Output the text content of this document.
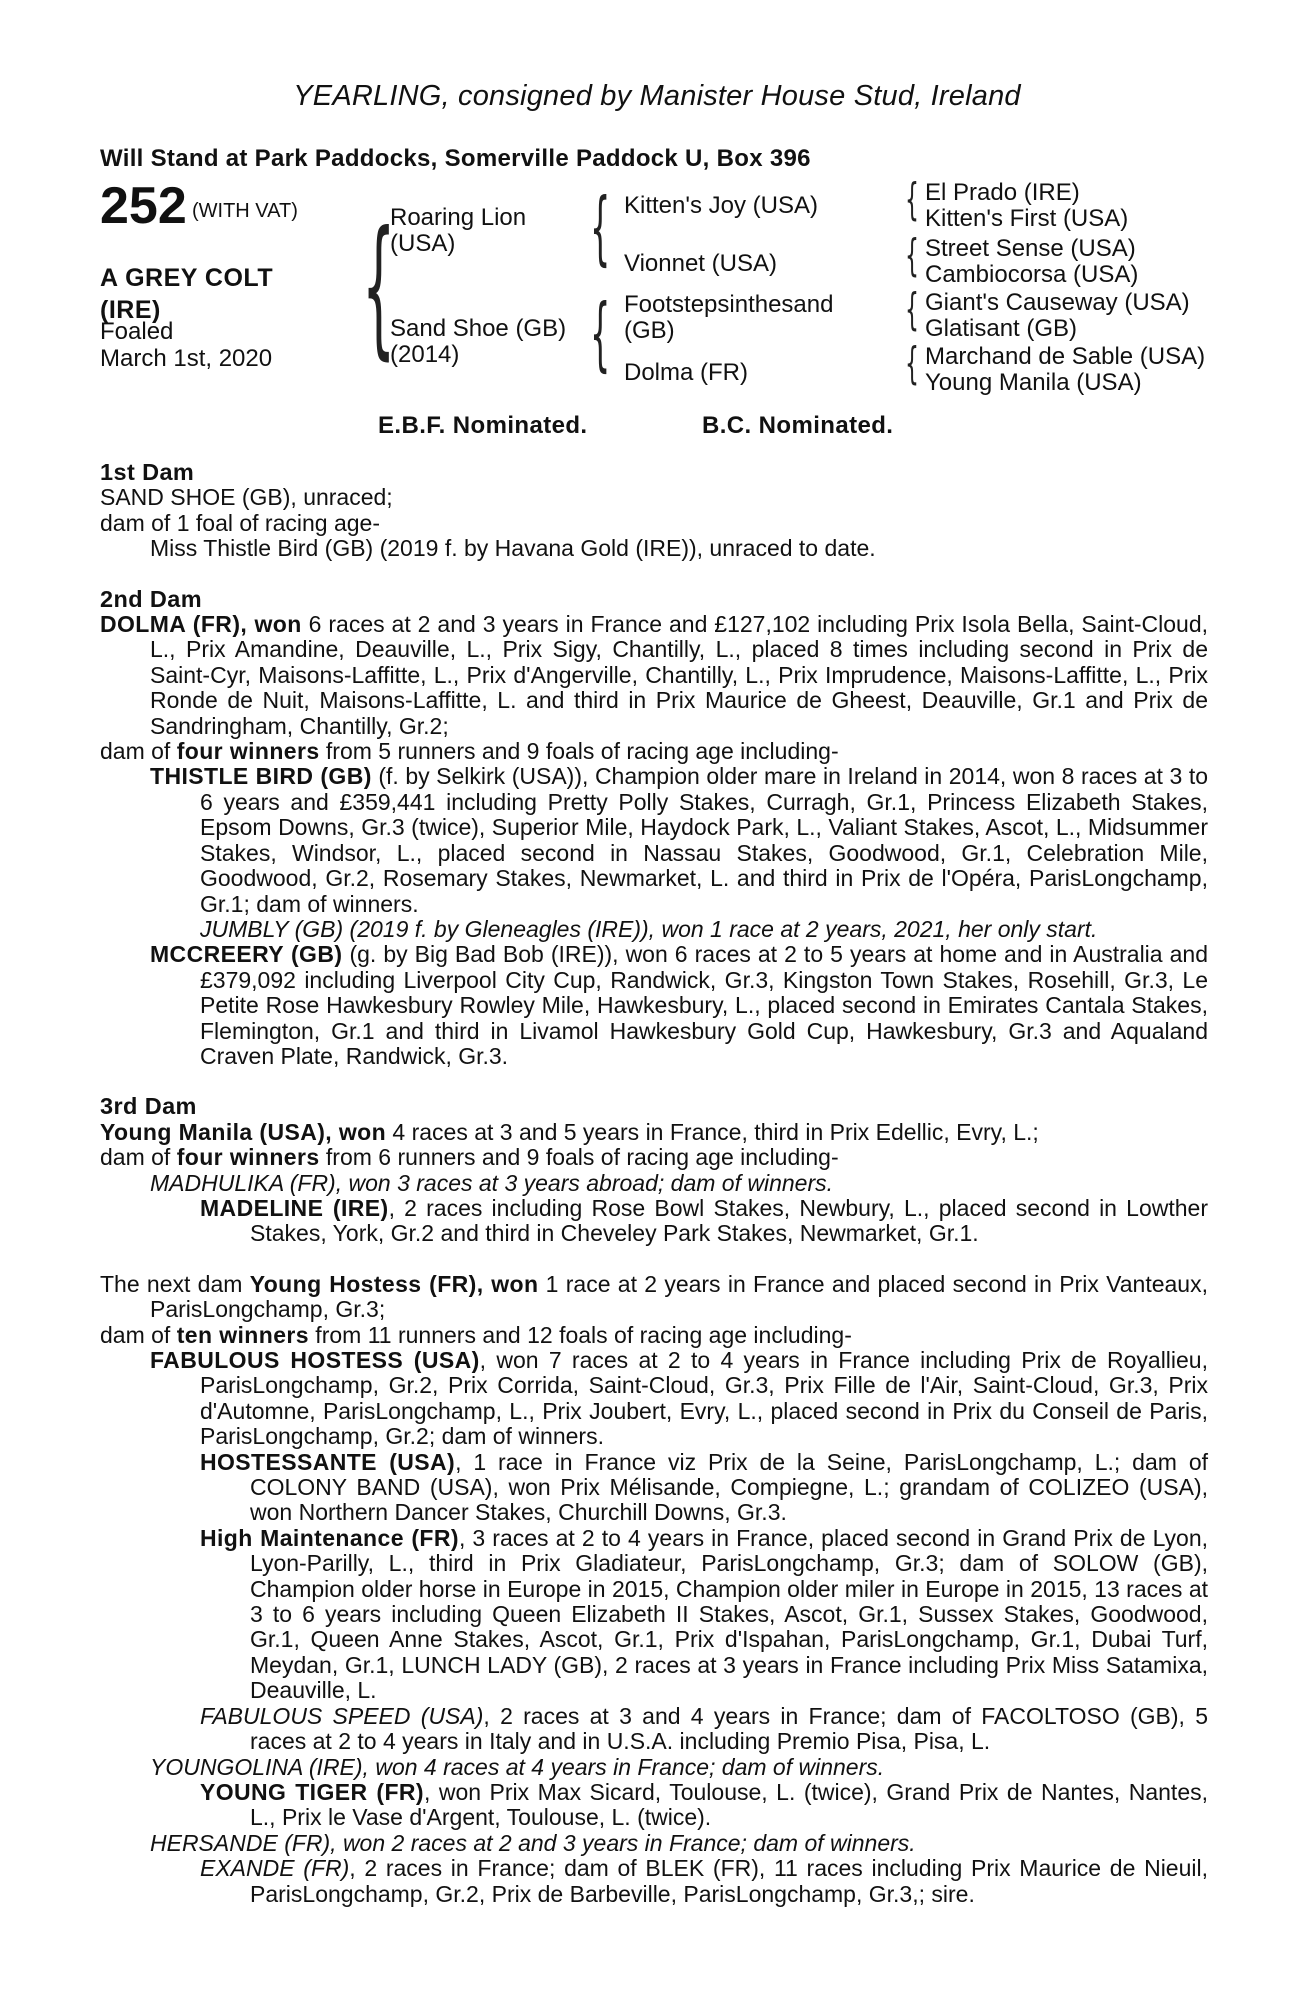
YEARLING, consigned by Manister House Stud, Ireland
Will Stand at Park Paddocks, Somerville Paddock U, Box 396
252 (WITH VAT)
A GREY COLT (IRE)
Foaled
March 1st, 2020 {
Roaring Lion
(USA)
Sand Shoe (GB)
(2014)
{ Kitten's Joy (USA)
Vionnet (USA)
{ Footstepsinthesand
(GB)
Dolma (FR)
{ El Prado (IRE)
Kitten's First (USA)
{ Street Sense (USA)
Cambiocorsa (USA)
{ Giant's Causeway (USA)
Glatisant (GB)
{ Marchand de Sable (USA)
Young Manila (USA)
E.B.F. Nominated.	B.C. Nominated.

1st Dam

SAND SHOE (GB), unraced;

dam of 1 foal of racing age-

Miss Thistle Bird (GB) (2019 f. by Havana Gold (IRE)), unraced to date.

2nd Dam

DOLMA (FR), won 6 races at 2 and 3 years in France and £127,102 including Prix Isola Bella, Saint-Cloud, L., Prix Amandine, Deauville, L., Prix Sigy, Chantilly, L., placed 8 times including second in Prix de Saint-Cyr, Maisons-Laffitte, L., Prix d'Angerville, Chantilly, L., Prix Imprudence, Maisons-Laffitte, L., Prix Ronde de Nuit, Maisons-Laffitte, L. and third in Prix Maurice de Gheest, Deauville, Gr.1 and Prix de Sandringham, Chantilly, Gr.2;

dam of four winners from 5 runners and 9 foals of racing age including-

THISTLE BIRD (GB) (f. by Selkirk (USA)), Champion older mare in Ireland in 2014, won 8 races at 3 to 6 years and £359,441 including Pretty Polly Stakes, Curragh, Gr.1, Princess Elizabeth Stakes, Epsom Downs, Gr.3 (twice), Superior Mile, Haydock Park, L., Valiant Stakes, Ascot, L., Midsummer Stakes, Windsor, L., placed second in Nassau Stakes, Goodwood, Gr.1, Celebration Mile, Goodwood, Gr.2, Rosemary Stakes, Newmarket, L. and third in Prix de l'Opéra, ParisLongchamp, Gr.1; dam of winners.

JUMBLY (GB) (2019 f. by Gleneagles (IRE)), won 1 race at 2 years, 2021, her only start.

MCCREERY (GB) (g. by Big Bad Bob (IRE)), won 6 races at 2 to 5 years at home and in Australia and £379,092 including Liverpool City Cup, Randwick, Gr.3, Kingston Town Stakes, Rosehill, Gr.3, Le Petite Rose Hawkesbury Rowley Mile, Hawkesbury, L., placed second in Emirates Cantala Stakes, Flemington, Gr.1 and third in Livamol Hawkesbury Gold Cup, Hawkesbury, Gr.3 and Aqualand Craven Plate, Randwick, Gr.3.

3rd Dam

Young Manila (USA), won 4 races at 3 and 5 years in France, third in Prix Edellic, Evry, L.;

dam of four winners from 6 runners and 9 foals of racing age including-

MADHULIKA (FR), won 3 races at 3 years abroad; dam of winners.

MADELINE (IRE), 2 races including Rose Bowl Stakes, Newbury, L., placed second in Lowther Stakes, York, Gr.2 and third in Cheveley Park Stakes, Newmarket, Gr.1.

The next dam Young Hostess (FR), won 1 race at 2 years in France and placed second in Prix Vanteaux, ParisLongchamp, Gr.3;

dam of ten winners from 11 runners and 12 foals of racing age including-

FABULOUS HOSTESS (USA), won 7 races at 2 to 4 years in France including Prix de Royallieu, ParisLongchamp, Gr.2, Prix Corrida, Saint-Cloud, Gr.3, Prix Fille de l'Air, Saint-Cloud, Gr.3, Prix d'Automne, ParisLongchamp, L., Prix Joubert, Evry, L., placed second in Prix du Conseil de Paris, ParisLongchamp, Gr.2; dam of winners.

HOSTESSANTE (USA), 1 race in France viz Prix de la Seine, ParisLongchamp, L.; dam of COLONY BAND (USA), won Prix Mélisande, Compiegne, L.; grandam of COLIZEO (USA), won Northern Dancer Stakes, Churchill Downs, Gr.3.

High Maintenance (FR), 3 races at 2 to 4 years in France, placed second in Grand Prix de Lyon, Lyon-Parilly, L., third in Prix Gladiateur, ParisLongchamp, Gr.3; dam of SOLOW (GB), Champion older horse in Europe in 2015, Champion older miler in Europe in 2015, 13 races at 3 to 6 years including Queen Elizabeth II Stakes, Ascot, Gr.1, Sussex Stakes, Goodwood, Gr.1, Queen Anne Stakes, Ascot, Gr.1, Prix d'Ispahan, ParisLongchamp, Gr.1, Dubai Turf, Meydan, Gr.1, LUNCH LADY (GB), 2 races at 3 years in France including Prix Miss Satamixa, Deauville, L.

FABULOUS SPEED (USA), 2 races at 3 and 4 years in France; dam of FACOLTOSO (GB), 5 races at 2 to 4 years in Italy and in U.S.A. including Premio Pisa, Pisa, L.

YOUNGOLINA (IRE), won 4 races at 4 years in France; dam of winners.

YOUNG TIGER (FR), won Prix Max Sicard, Toulouse, L. (twice), Grand Prix de Nantes, Nantes, L., Prix le Vase d'Argent, Toulouse, L. (twice).

HERSANDE (FR), won 2 races at 2 and 3 years in France; dam of winners.

EXANDE (FR), 2 races in France; dam of BLEK (FR), 11 races including Prix Maurice de Nieuil, ParisLongchamp, Gr.2, Prix de Barbeville, ParisLongchamp, Gr.3,; sire.
